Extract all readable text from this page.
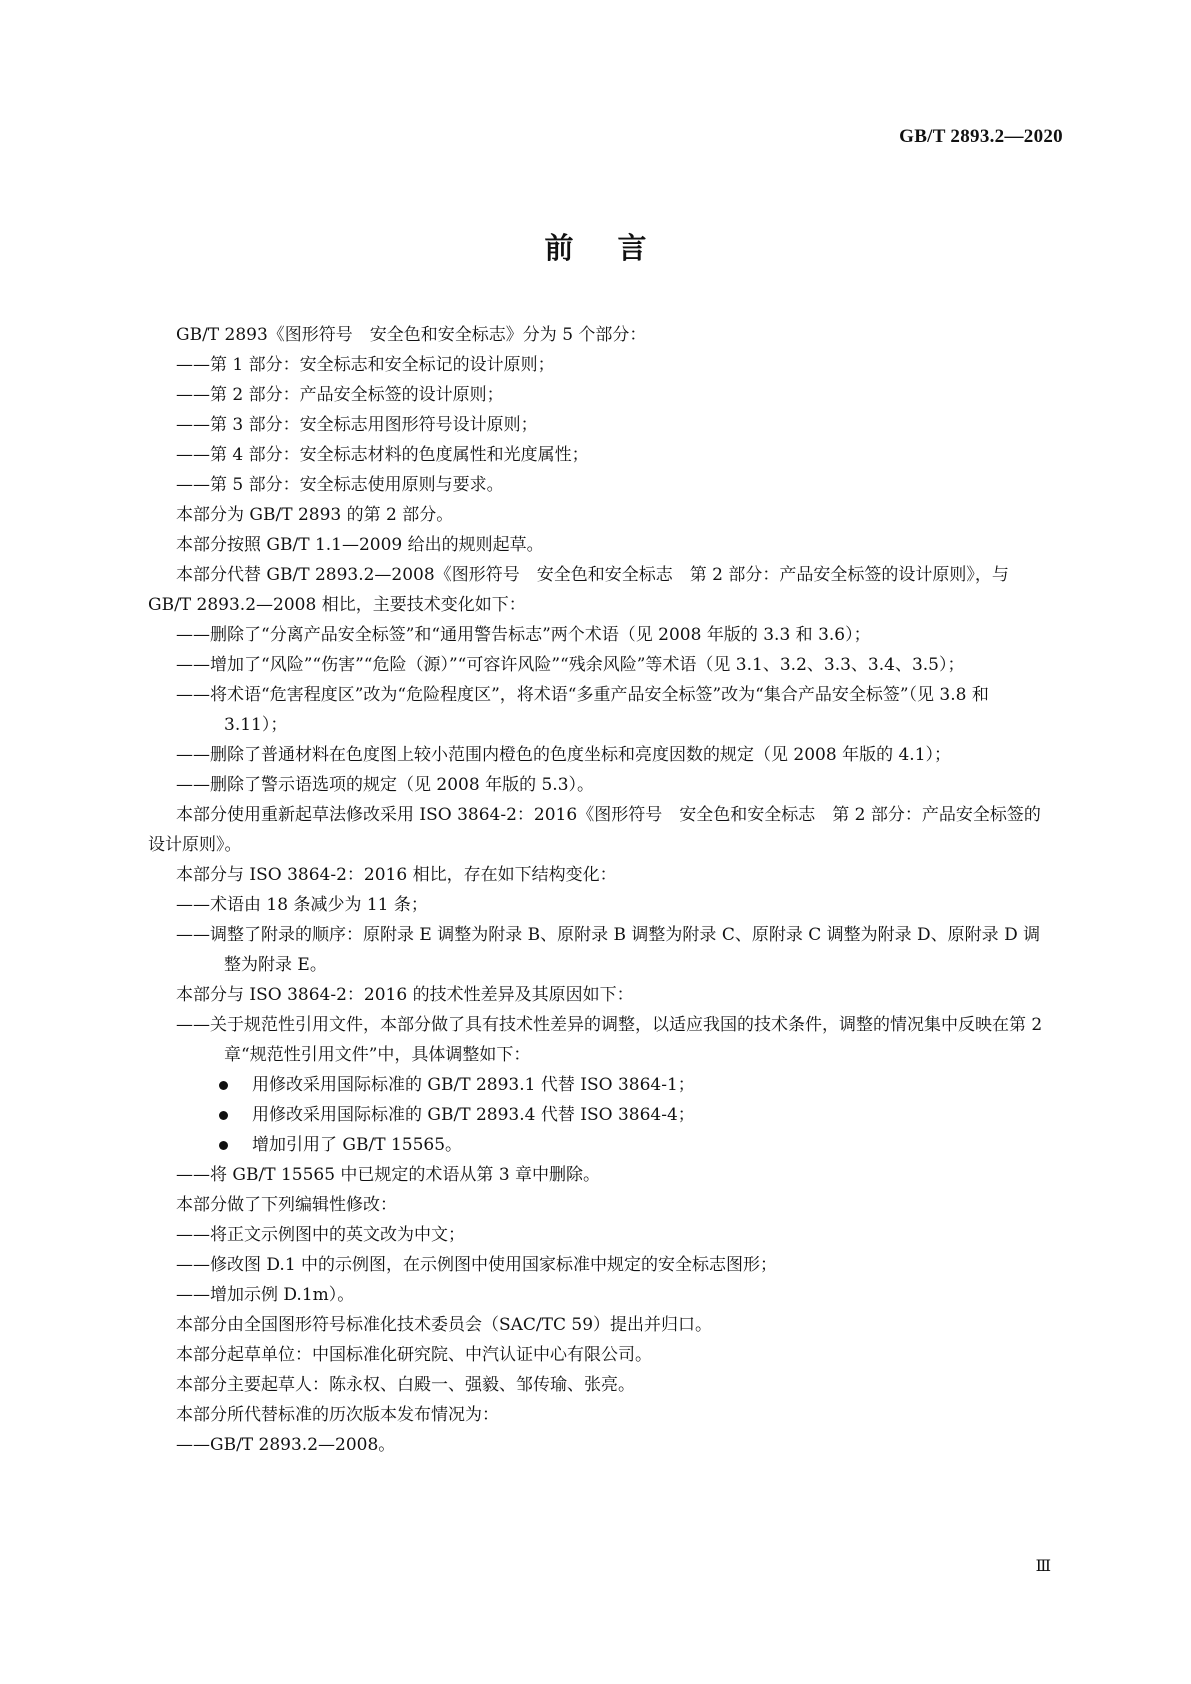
GB/T 2893.2—2020
前言

GB/T 2893《图形符号　安全色和安全标志》分为 5 个部分：

——第 1 部分：安全标志和安全标记的设计原则；

——第 2 部分：产品安全标签的设计原则；

——第 3 部分：安全标志用图形符号设计原则；

——第 4 部分：安全标志材料的色度属性和光度属性；

——第 5 部分：安全标志使用原则与要求。

本部分为 GB/T 2893 的第 2 部分。

本部分按照 GB/T 1.1—2009 给出的规则起草。

本部分代替 GB/T 2893.2—2008《图形符号　安全色和安全标志　第 2 部分：产品安全标签的设计原则》，与 GB/T 2893.2—2008 相比，主要技术变化如下：

——删除了“分离产品安全标签”和“通用警告标志”两个术语（见 2008 年版的 3.3 和 3.6）；

——增加了“风险”“伤害”“危险（源）”“可容许风险”“残余风险”等术语（见 3.1、3.2、3.3、3.4、3.5）；

——将术语“危害程度区”改为“危险程度区”，将术语“多重产品安全标签”改为“集合产品安全标签”（见 3.8 和 3.11）；

——删除了普通材料在色度图上较小范围内橙色的色度坐标和亮度因数的规定（见 2008 年版的 4.1）；

——删除了警示语选项的规定（见 2008 年版的 5.3）。

本部分使用重新起草法修改采用 ISO 3864-2：2016《图形符号　安全色和安全标志　第 2 部分：产品安全标签的设计原则》。

本部分与 ISO 3864-2：2016 相比，存在如下结构变化：

——术语由 18 条减少为 11 条；

——调整了附录的顺序：原附录 E 调整为附录 B、原附录 B 调整为附录 C、原附录 C 调整为附录 D、原附录 D 调整为附录 E。

本部分与 ISO 3864-2：2016 的技术性差异及其原因如下：

——关于规范性引用文件，本部分做了具有技术性差异的调整，以适应我国的技术条件，调整的情况集中反映在第 2 章“规范性引用文件”中，具体调整如下：

用修改采用国际标准的 GB/T 2893.1 代替 ISO 3864-1；
用修改采用国际标准的 GB/T 2893.4 代替 ISO 3864-4；
增加引用了 GB/T 15565。

——将 GB/T 15565 中已规定的术语从第 3 章中删除。

本部分做了下列编辑性修改：

——将正文示例图中的英文改为中文；

——修改图 D.1 中的示例图，在示例图中使用国家标准中规定的安全标志图形；

——增加示例 D.1m）。

本部分由全国图形符号标准化技术委员会（SAC/TC 59）提出并归口。

本部分起草单位：中国标准化研究院、中汽认证中心有限公司。

本部分主要起草人：陈永权、白殿一、强毅、邹传瑜、张亮。

本部分所代替标准的历次版本发布情况为：

——GB/T 2893.2—2008。

Ⅲ
